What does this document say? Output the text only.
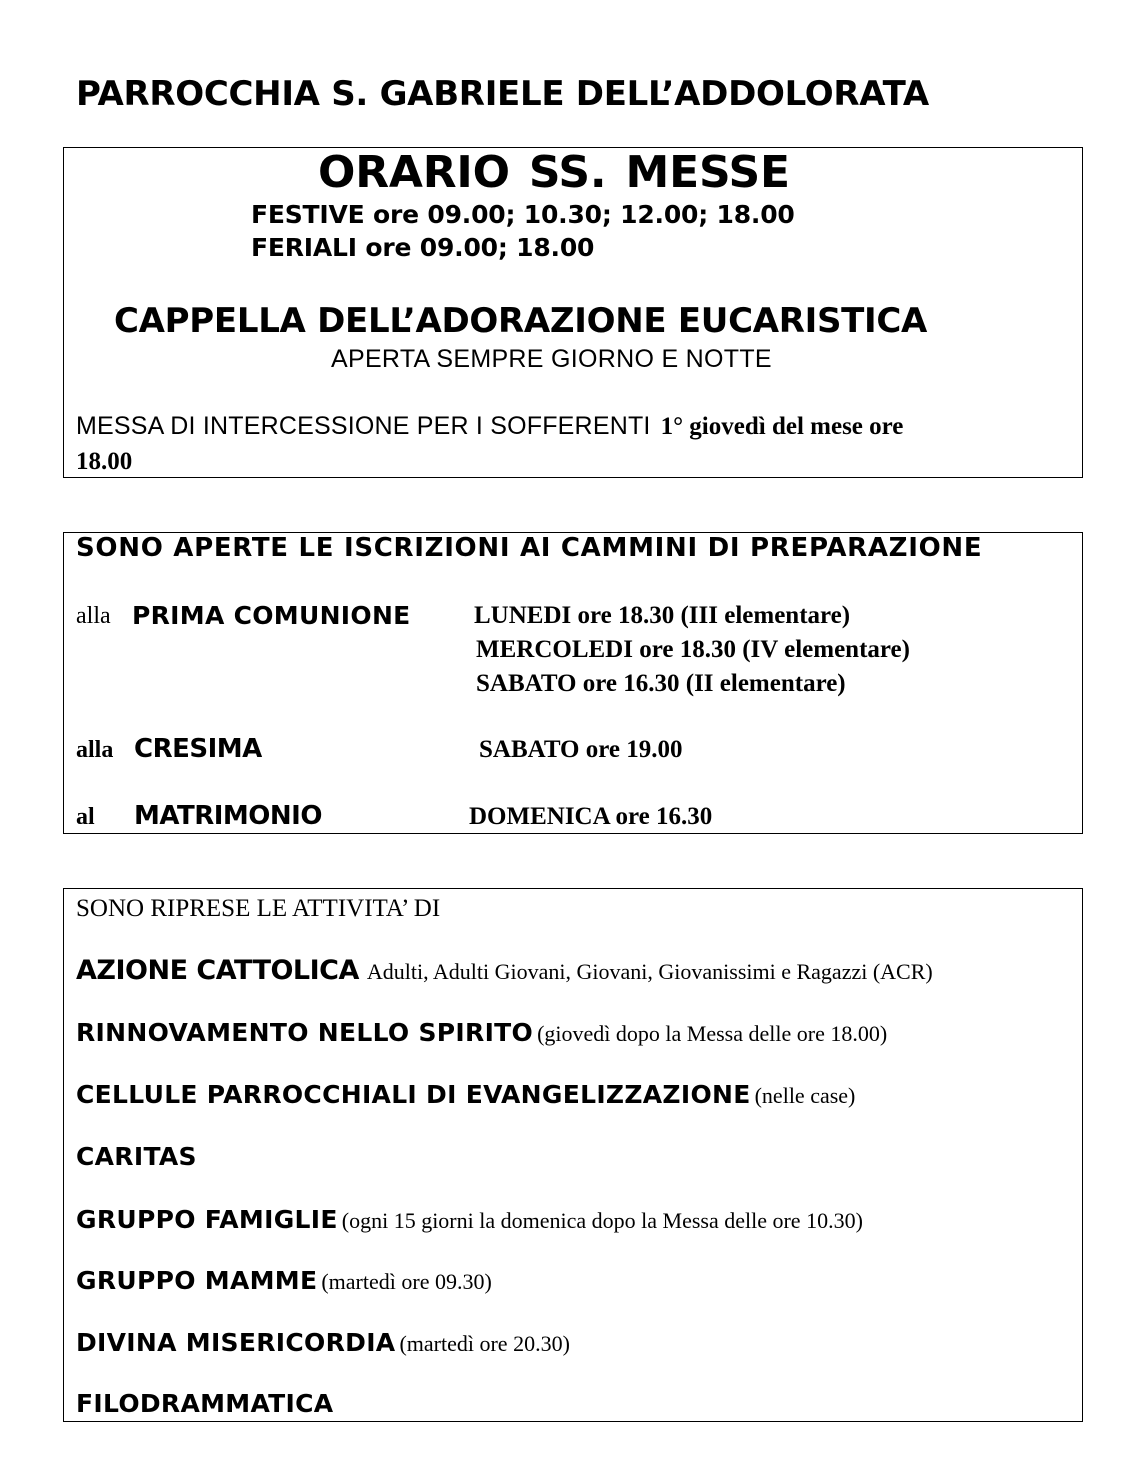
PARROCCHIA S. GABRIELE DELL’ADDOLORATA
ORARIO SS. MESSE
FESTIVE ore 09.00; 10.30; 12.00; 18.00
FERIALI ore 09.00; 18.00
CAPPELLA DELL’ADORAZIONE EUCARISTICA
APERTA SEMPRE GIORNO E NOTTE
MESSA DI INTERCESSIONE PER I SOFFERENTI 1° giovedì del mese ore
18.00
SONO APERTE LE ISCRIZIONI AI CAMMINI DI PREPARAZIONE
alla PRIMA COMUNIONE	LUNEDI ore 18.30 (III elementare)
MERCOLEDI ore 18.30 (IV elementare)
SABATO ore 16.30 (II elementare)
alla CRESIMA	SABATO ore 19.00
al MATRIMONIO	DOMENICA ore 16.30
SONO RIPRESE LE ATTIVITA’ DI
AZIONE CATTOLICA Adulti, Adulti Giovani, Giovani, Giovanissimi e Ragazzi (ACR)
RINNOVAMENTO NELLO SPIRITO (giovedì dopo la Messa delle ore 18.00)
CELLULE PARROCCHIALI DI EVANGELIZZAZIONE (nelle case)
CARITAS
GRUPPO FAMIGLIE (ogni 15 giorni la domenica dopo la Messa delle ore 10.30)
GRUPPO MAMME (martedì ore 09.30)
DIVINA MISERICORDIA (martedì ore 20.30)
FILODRAMMATICA
